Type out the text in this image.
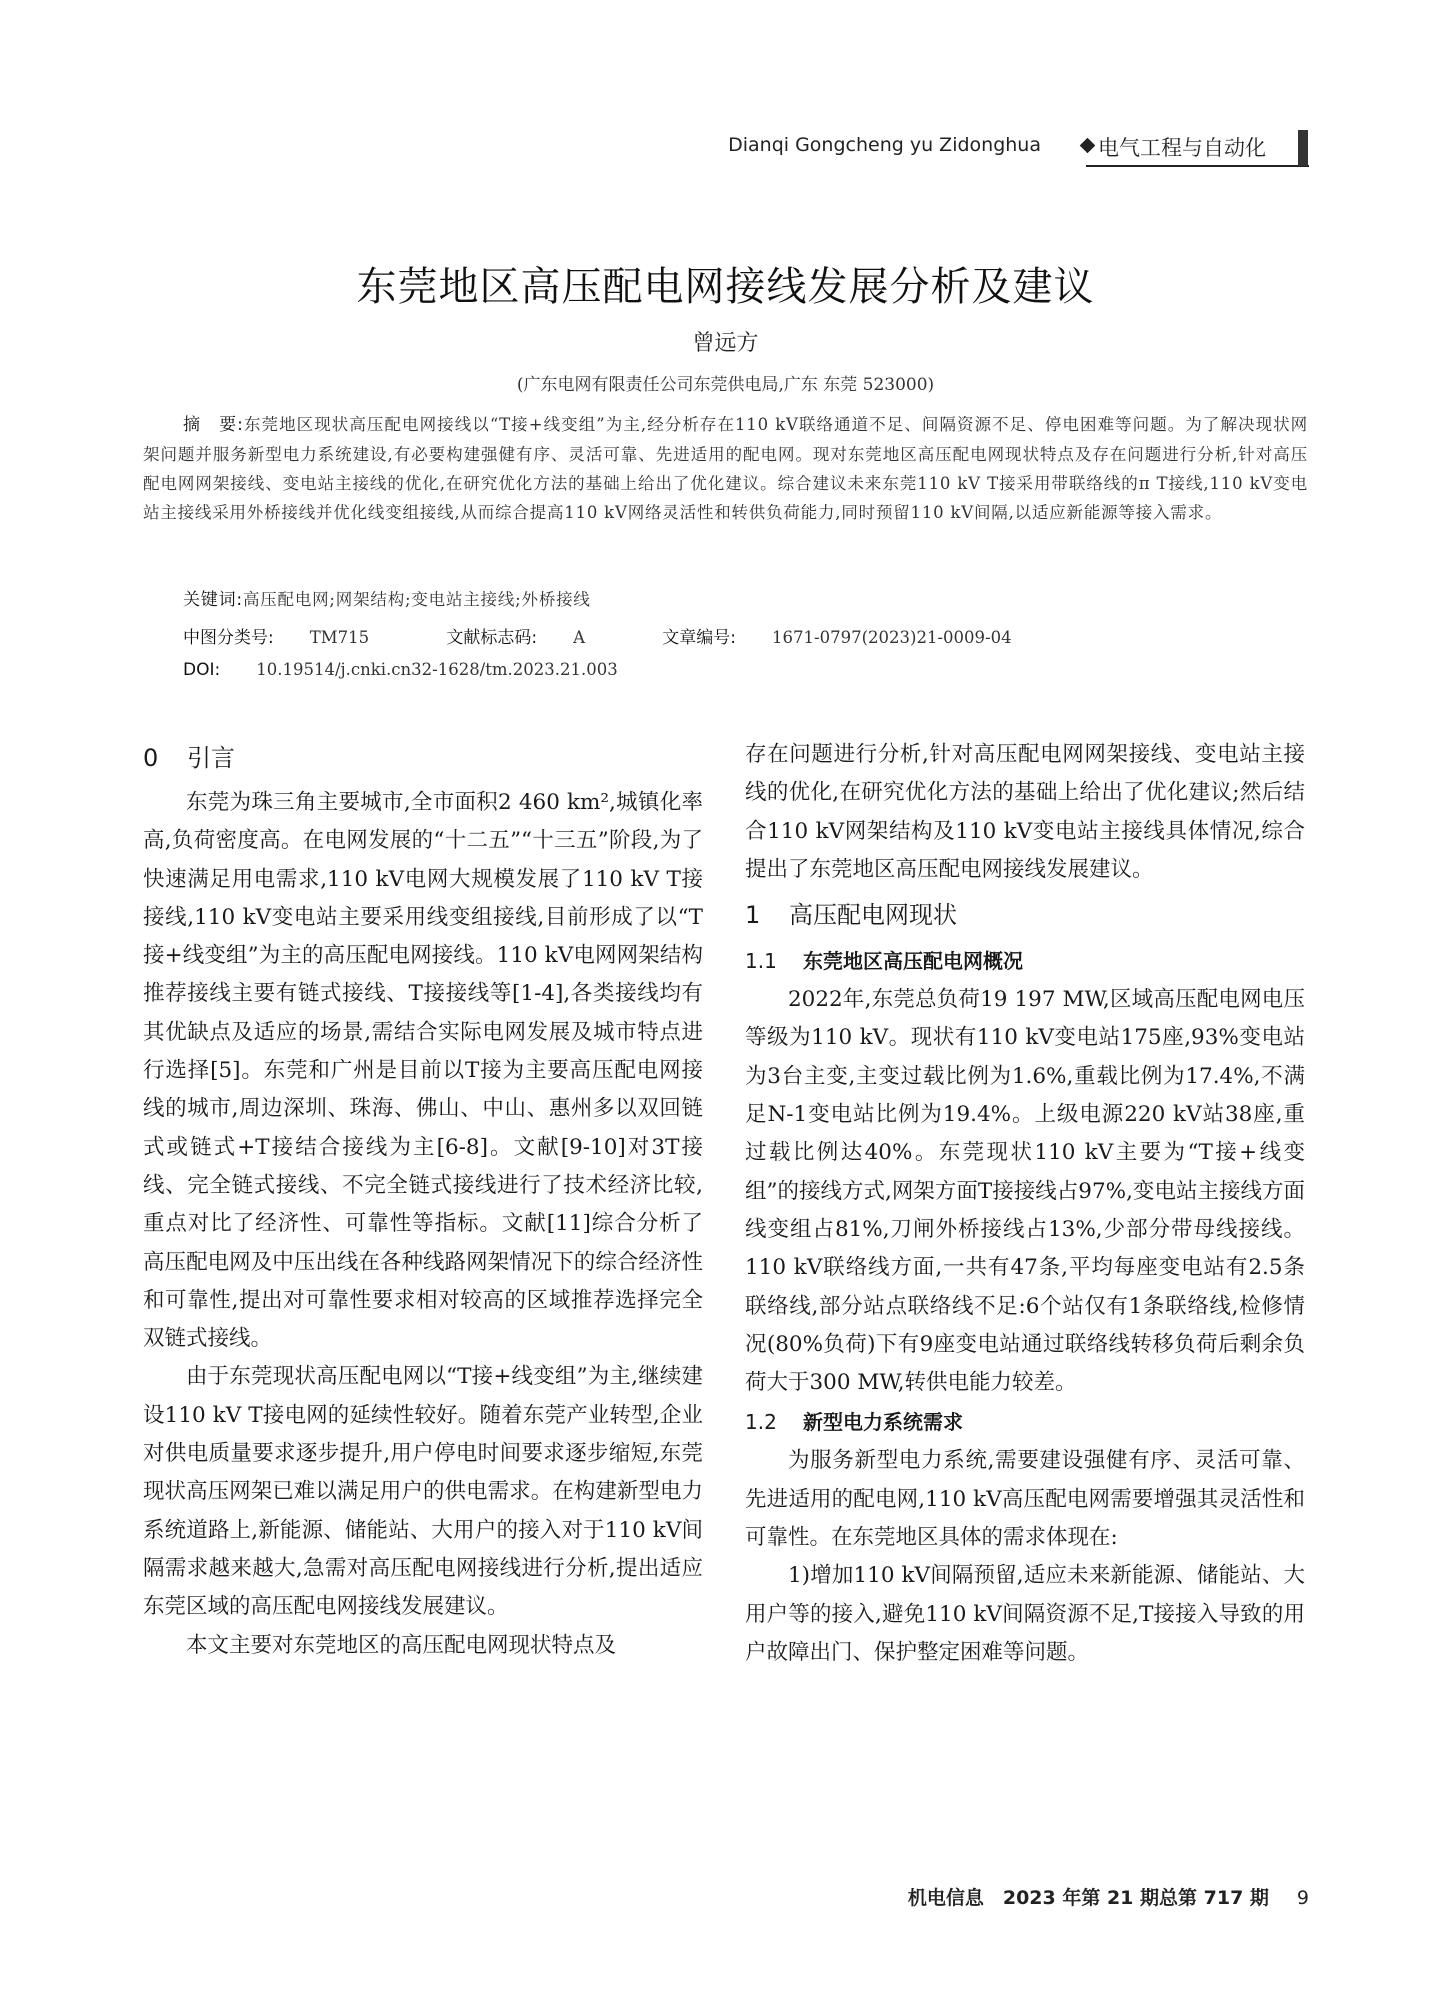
Dianqi Gongcheng yu Zidonghua	电气工程与自动化
东莞地区高压配电网接线发展分析及建议
曾远方
(广东电网有限责任公司东莞供电局,广东 东莞 523000)
摘　要:东莞地区现状高压配电网接线以“T接+线变组”为主,经分析存在110 kV联络通道不足、间隔资源不足、停电困难等问题。为了解决现状网架问题并服务新型电力系统建设,有必要构建强健有序、灵活可靠、先进适用的配电网。现对东莞地区高压配电网现状特点及存在问题进行分析,针对高压配电网网架接线、变电站主接线的优化,在研究优化方法的基础上给出了优化建议。综合建议未来东莞110 kV T接采用带联络线的π T接线,110 kV变电站主接线采用外桥接线并优化线变组接线,从而综合提高110 kV网络灵活性和转供负荷能力,同时预留110 kV间隔,以适应新能源等接入需求。
关键词:高压配电网;网架结构;变电站主接线;外桥接线
中图分类号: TM715	文献标志码: A	文章编号: 1671-0797(2023)21-0009-04
DOI: 10.19514/j.cnki.cn32-1628/tm.2023.21.003
0 引言

东莞为珠三角主要城市,全市面积2 460 km²,城镇化率高,负荷密度高。在电网发展的“十二五”“十三五”阶段,为了快速满足用电需求,110 kV电网大规模发展了110 kV T接接线,110 kV变电站主要采用线变组接线,目前形成了以“T接+线变组”为主的高压配电网接线。110 kV电网网架结构推荐接线主要有链式接线、T接接线等[1-4],各类接线均有其优缺点及适应的场景,需结合实际电网发展及城市特点进行选择[5]。东莞和广州是目前以T接为主要高压配电网接线的城市,周边深圳、珠海、佛山、中山、惠州多以双回链式或链式+T接结合接线为主[6-8]。文献[9-10]对3T接线、完全链式接线、不完全链式接线进行了技术经济比较,重点对比了经济性、可靠性等指标。文献[11]综合分析了高压配电网及中压出线在各种线路网架情况下的综合经济性和可靠性,提出对可靠性要求相对较高的区域推荐选择完全双链式接线。

由于东莞现状高压配电网以“T接+线变组”为主,继续建设110 kV T接电网的延续性较好。随着东莞产业转型,企业对供电质量要求逐步提升,用户停电时间要求逐步缩短,东莞现状高压网架已难以满足用户的供电需求。在构建新型电力系统道路上,新能源、储能站、大用户的接入对于110 kV间隔需求越来越大,急需对高压配电网接线进行分析,提出适应东莞区域的高压配电网接线发展建议。

本文主要对东莞地区的高压配电网现状特点及

存在问题进行分析,针对高压配电网网架接线、变电站主接线的优化,在研究优化方法的基础上给出了优化建议;然后结合110 kV网架结构及110 kV变电站主接线具体情况,综合提出了东莞地区高压配电网接线发展建议。

1 高压配电网现状
1.1 东莞地区高压配电网概况

2022年,东莞总负荷19 197 MW,区域高压配电网电压等级为110 kV。现状有110 kV变电站175座,93%变电站为3台主变,主变过载比例为1.6%,重载比例为17.4%,不满足N-1变电站比例为19.4%。上级电源220 kV站38座,重过载比例达40%。东莞现状110 kV主要为“T接+线变组”的接线方式,网架方面T接接线占97%,变电站主接线方面线变组占81%,刀闸外桥接线占13%,少部分带母线接线。110 kV联络线方面,一共有47条,平均每座变电站有2.5条联络线,部分站点联络线不足:6个站仅有1条联络线,检修情况(80%负荷)下有9座变电站通过联络线转移负荷后剩余负荷大于300 MW,转供电能力较差。

1.2 新型电力系统需求

为服务新型电力系统,需要建设强健有序、灵活可靠、先进适用的配电网,110 kV高压配电网需要增强其灵活性和可靠性。在东莞地区具体的需求体现在:

1)增加110 kV间隔预留,适应未来新能源、储能站、大用户等的接入,避免110 kV间隔资源不足,T接接入导致的用户故障出门、保护整定困难等问题。

机电信息　2023 年第 21 期总第 717 期 9
